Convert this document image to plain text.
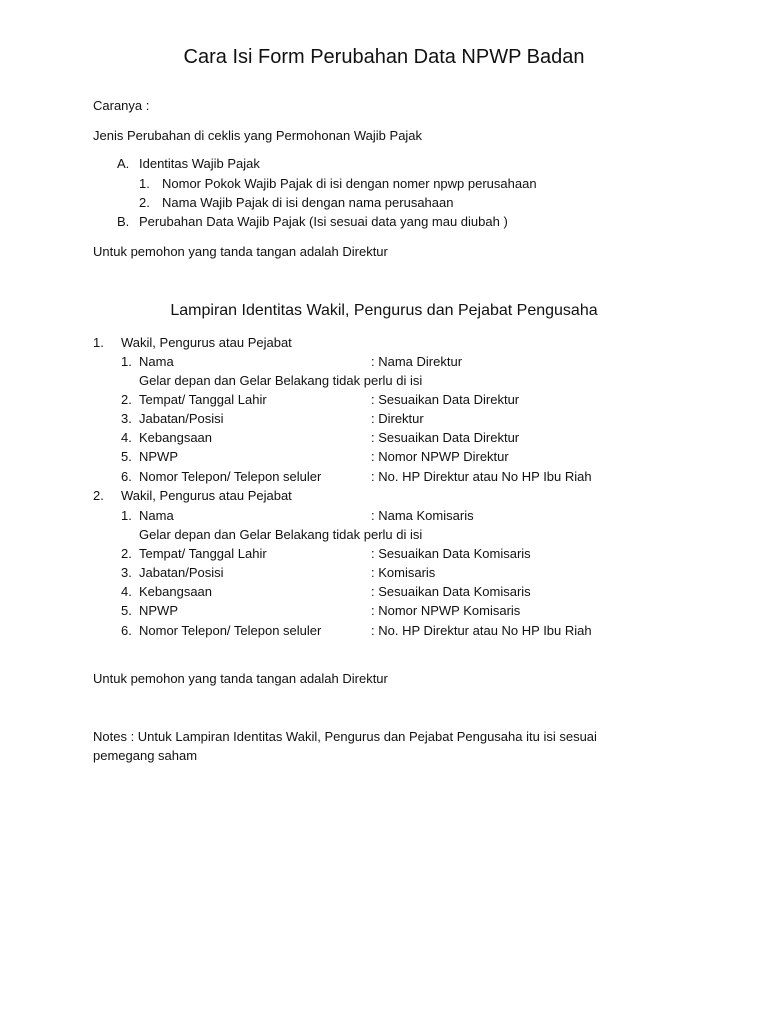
Cara Isi Form Perubahan Data NPWP Badan
Caranya :
Jenis Perubahan di ceklis yang Permohonan Wajib Pajak
A. Identitas Wajib Pajak
1. Nomor Pokok Wajib Pajak di isi dengan nomer npwp perusahaan
2. Nama Wajib Pajak di isi dengan nama perusahaan
B. Perubahan Data Wajib Pajak (Isi sesuai data yang mau diubah )
Untuk pemohon yang tanda tangan adalah Direktur
Lampiran Identitas Wakil, Pengurus dan Pejabat Pengusaha
1. Wakil, Pengurus atau Pejabat
1. Nama	: Nama Direktur
Gelar depan dan Gelar Belakang tidak perlu di isi
2. Tempat/ Tanggal Lahir	: Sesuaikan Data Direktur
3. Jabatan/Posisi	: Direktur
4. Kebangsaan	: Sesuaikan Data Direktur
5. NPWP	: Nomor NPWP Direktur
6. Nomor Telepon/ Telepon seluler	: No. HP Direktur atau No HP Ibu Riah
2. Wakil, Pengurus atau Pejabat
1. Nama	: Nama Komisaris
Gelar depan dan Gelar Belakang tidak perlu di isi
2. Tempat/ Tanggal Lahir	: Sesuaikan Data Komisaris
3. Jabatan/Posisi	: Komisaris
4. Kebangsaan	: Sesuaikan Data Komisaris
5. NPWP	: Nomor NPWP Komisaris
6. Nomor Telepon/ Telepon seluler	: No. HP Direktur atau No HP Ibu Riah
Untuk pemohon yang tanda tangan adalah Direktur
Notes : Untuk Lampiran Identitas Wakil, Pengurus dan Pejabat Pengusaha itu isi sesuai
pemegang saham
